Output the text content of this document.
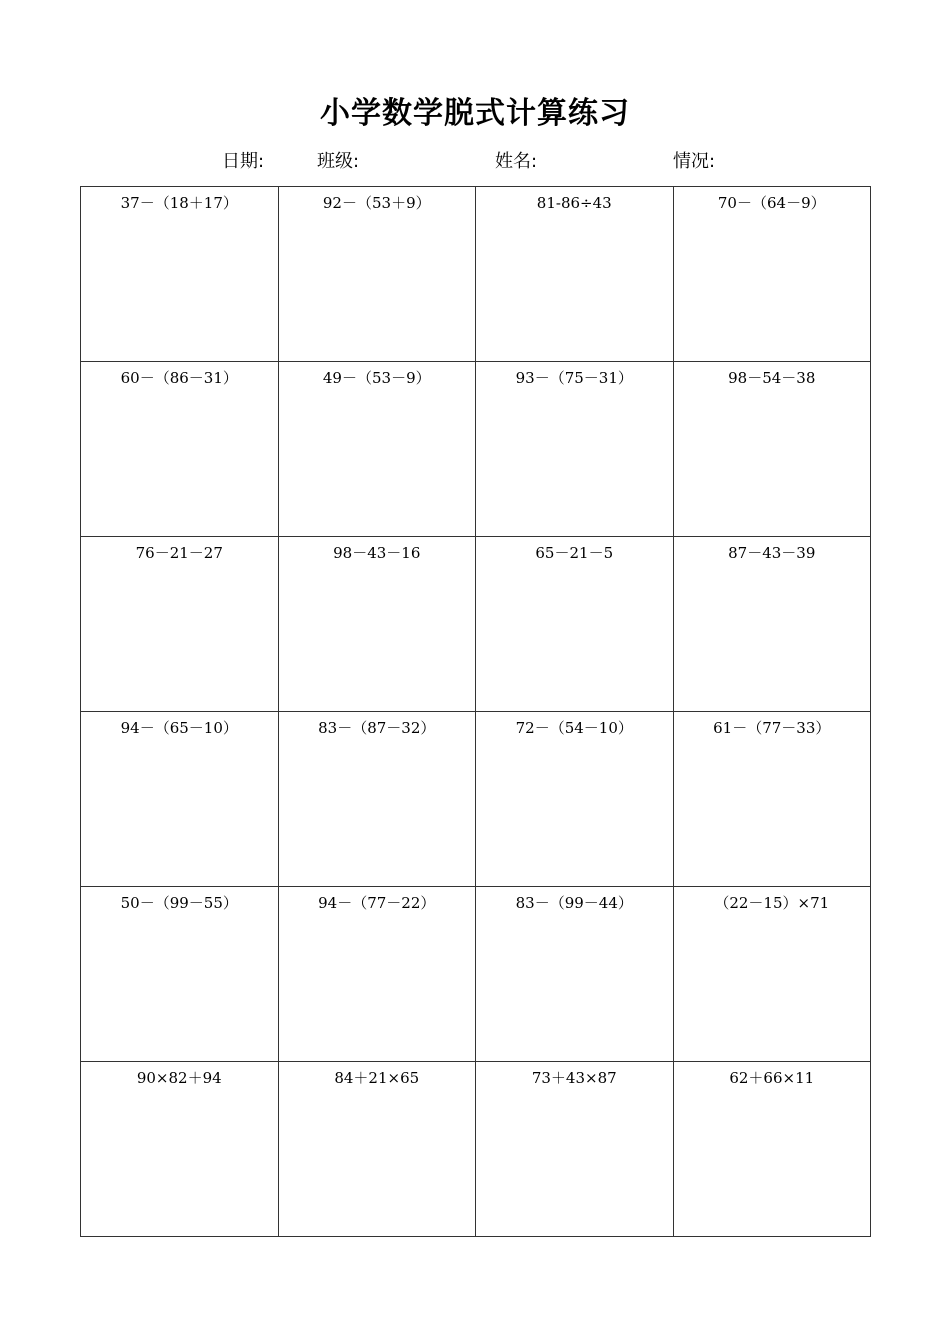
小学数学脱式计算练习
日期:	班级:	姓名:	情况:
37－（18＋17）	92－（53＋9）	81-86÷43	70－（64－9）
60－（86－31）	49－（53－9）	93－（75－31）	98－54－38
76－21－27	98－43－16	65－21－5	87－43－39
94－（65－10）	83－（87－32）	72－（54－10）	61－（77－33）
50－（99－55）	94－（77－22）	83－（99－44）	（22－15）×71
90×82＋94	84＋21×65	73＋43×87	62＋66×11
